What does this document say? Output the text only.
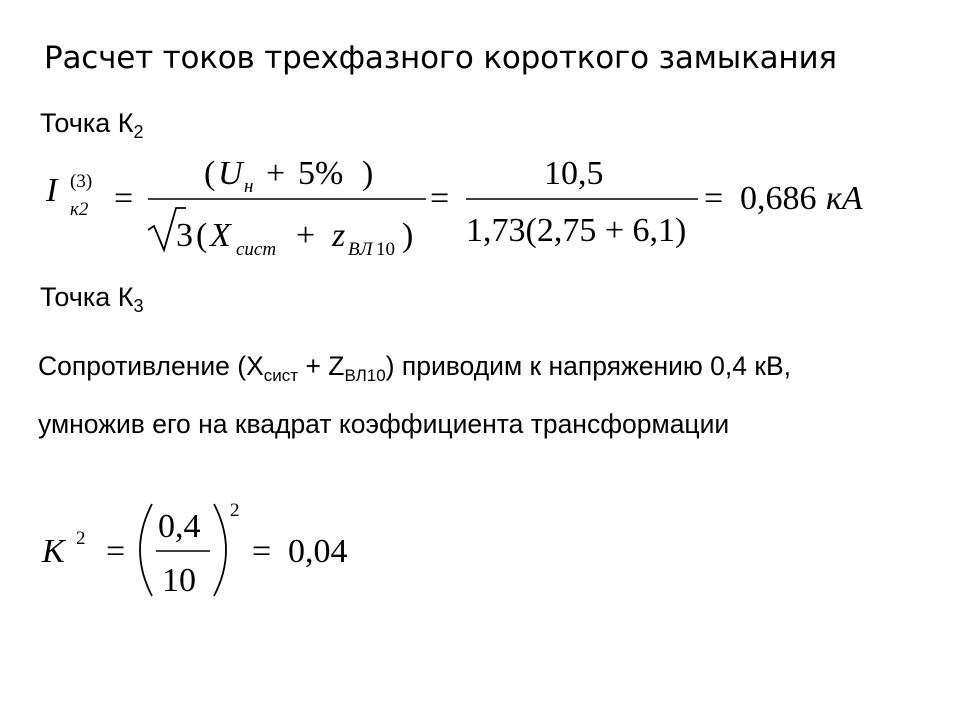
Расчет токов трехфазного короткого замыкания
Точка $К_2$
I (3)
к2 =
( U н + 5% )
3 ( X сист + z ВЛ 10 )
=
10,5
1,73(2,75 + 6,1)
= 0,686 кА
Точка $К_3$
Сопротивление $(X_{сист} + Z_{ВЛ10})$ приводим к напряжению 0,4 кВ, умножив его на квадрат коэффициента трансформации
K 2 =
0,4
10
2
= 0,04
